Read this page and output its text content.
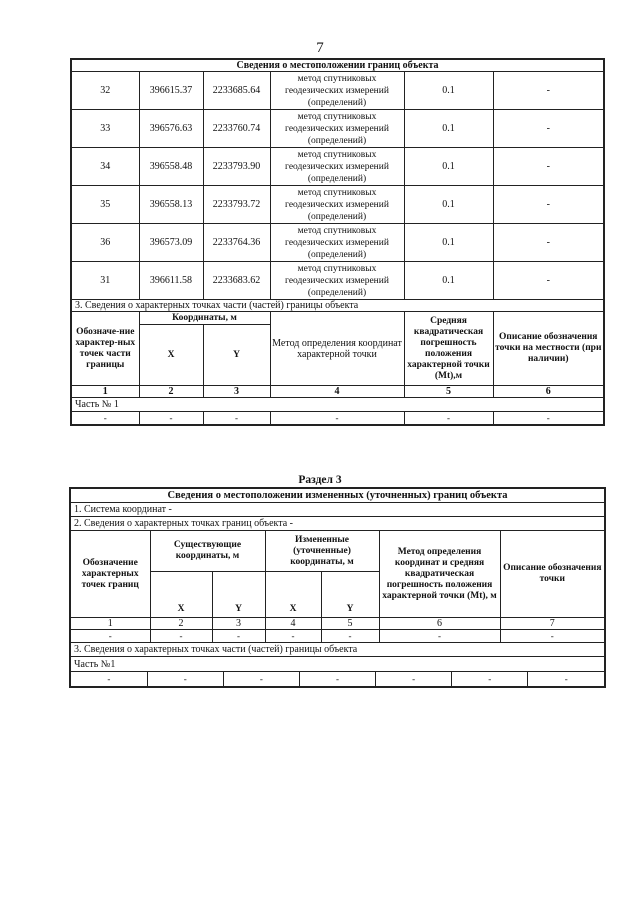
7
Сведения о местоположении границ объекта					
32	396615.37	2233685.64	метод спутниковых геодезических измерений (определений)	0.1	-
33	396576.63	2233760.74	метод спутниковых геодезических измерений (определений)	0.1	-
34	396558.48	2233793.90	метод спутниковых геодезических измерений (определений)	0.1	-
35	396558.13	2233793.72	метод спутниковых геодезических измерений (определений)	0.1	-
36	396573.09	2233764.36	метод спутниковых геодезических измерений (определений)	0.1	-
31	396611.58	2233683.62	метод спутниковых геодезических измерений (определений)	0.1	-
3. Сведения о характерных точках части (частей) границы объекта					
Обозначе-ние характер-ных точек части границы	Координаты, м		Метод определения координат характерной точки	Средняя квадратическая погрешность положения характерной точки (Mt),м	Описание обозначения точки на местности (при наличии)
	X	Y			
1	2	3	4	5	6
Часть № 1					
-	-	-	-	-	-
Раздел 3
Сведения о местоположении измененных (уточненных) границ объекта
1. Система координат -
2. Сведения о характерных точках границ объекта -
Обозначение характерных точек границ	Существующие координаты, м	Измененные (уточненные) координаты, м	Метод определения координат и средняя квадратическая погрешность положения характерной точки (Mt), м	Описание обозначения точки
X	Y	X	Y
1	2	3	4	5	6	7
-	-	-	-	-	-	-
3. Сведения о характерных точках части (частей) границы объекта
Часть №1

-	-	-	-	-	-	-
